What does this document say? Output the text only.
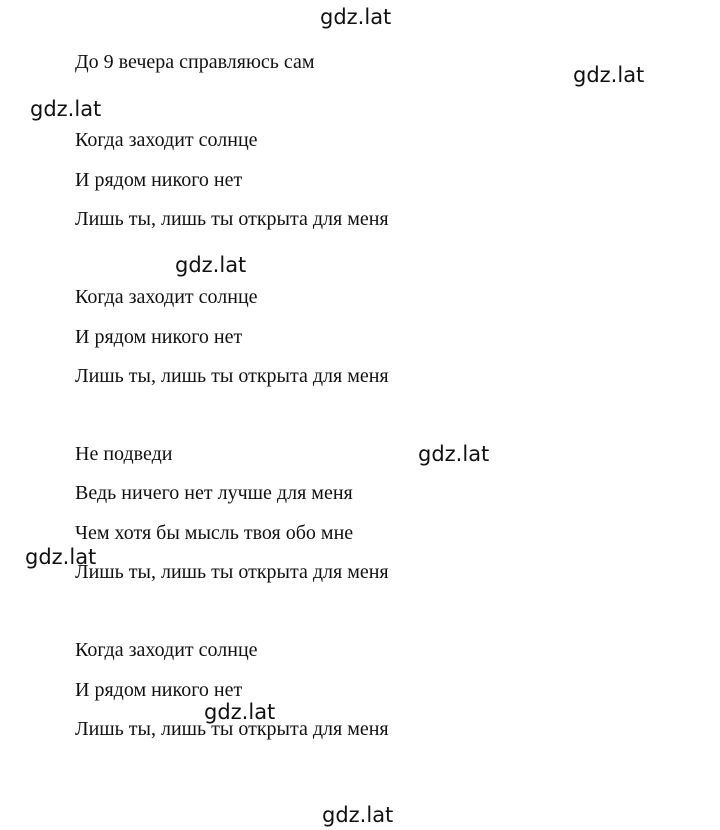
До 9 вечера справляюсь сам
Когда заходит солнце
И рядом никого нет
Лишь ты, лишь ты открыта для меня
Когда заходит солнце
И рядом никого нет
Лишь ты, лишь ты открыта для меня
Не подведи
Ведь ничего нет лучше для меня
Чем хотя бы мысль твоя обо мне
Лишь ты, лишь ты открыта для меня
Когда заходит солнце
И рядом никого нет
Лишь ты, лишь ты открыта для меня
gdz.lat
gdz.lat
gdz.lat
gdz.lat
gdz.lat
gdz.lat
gdz.lat
gdz.lat
